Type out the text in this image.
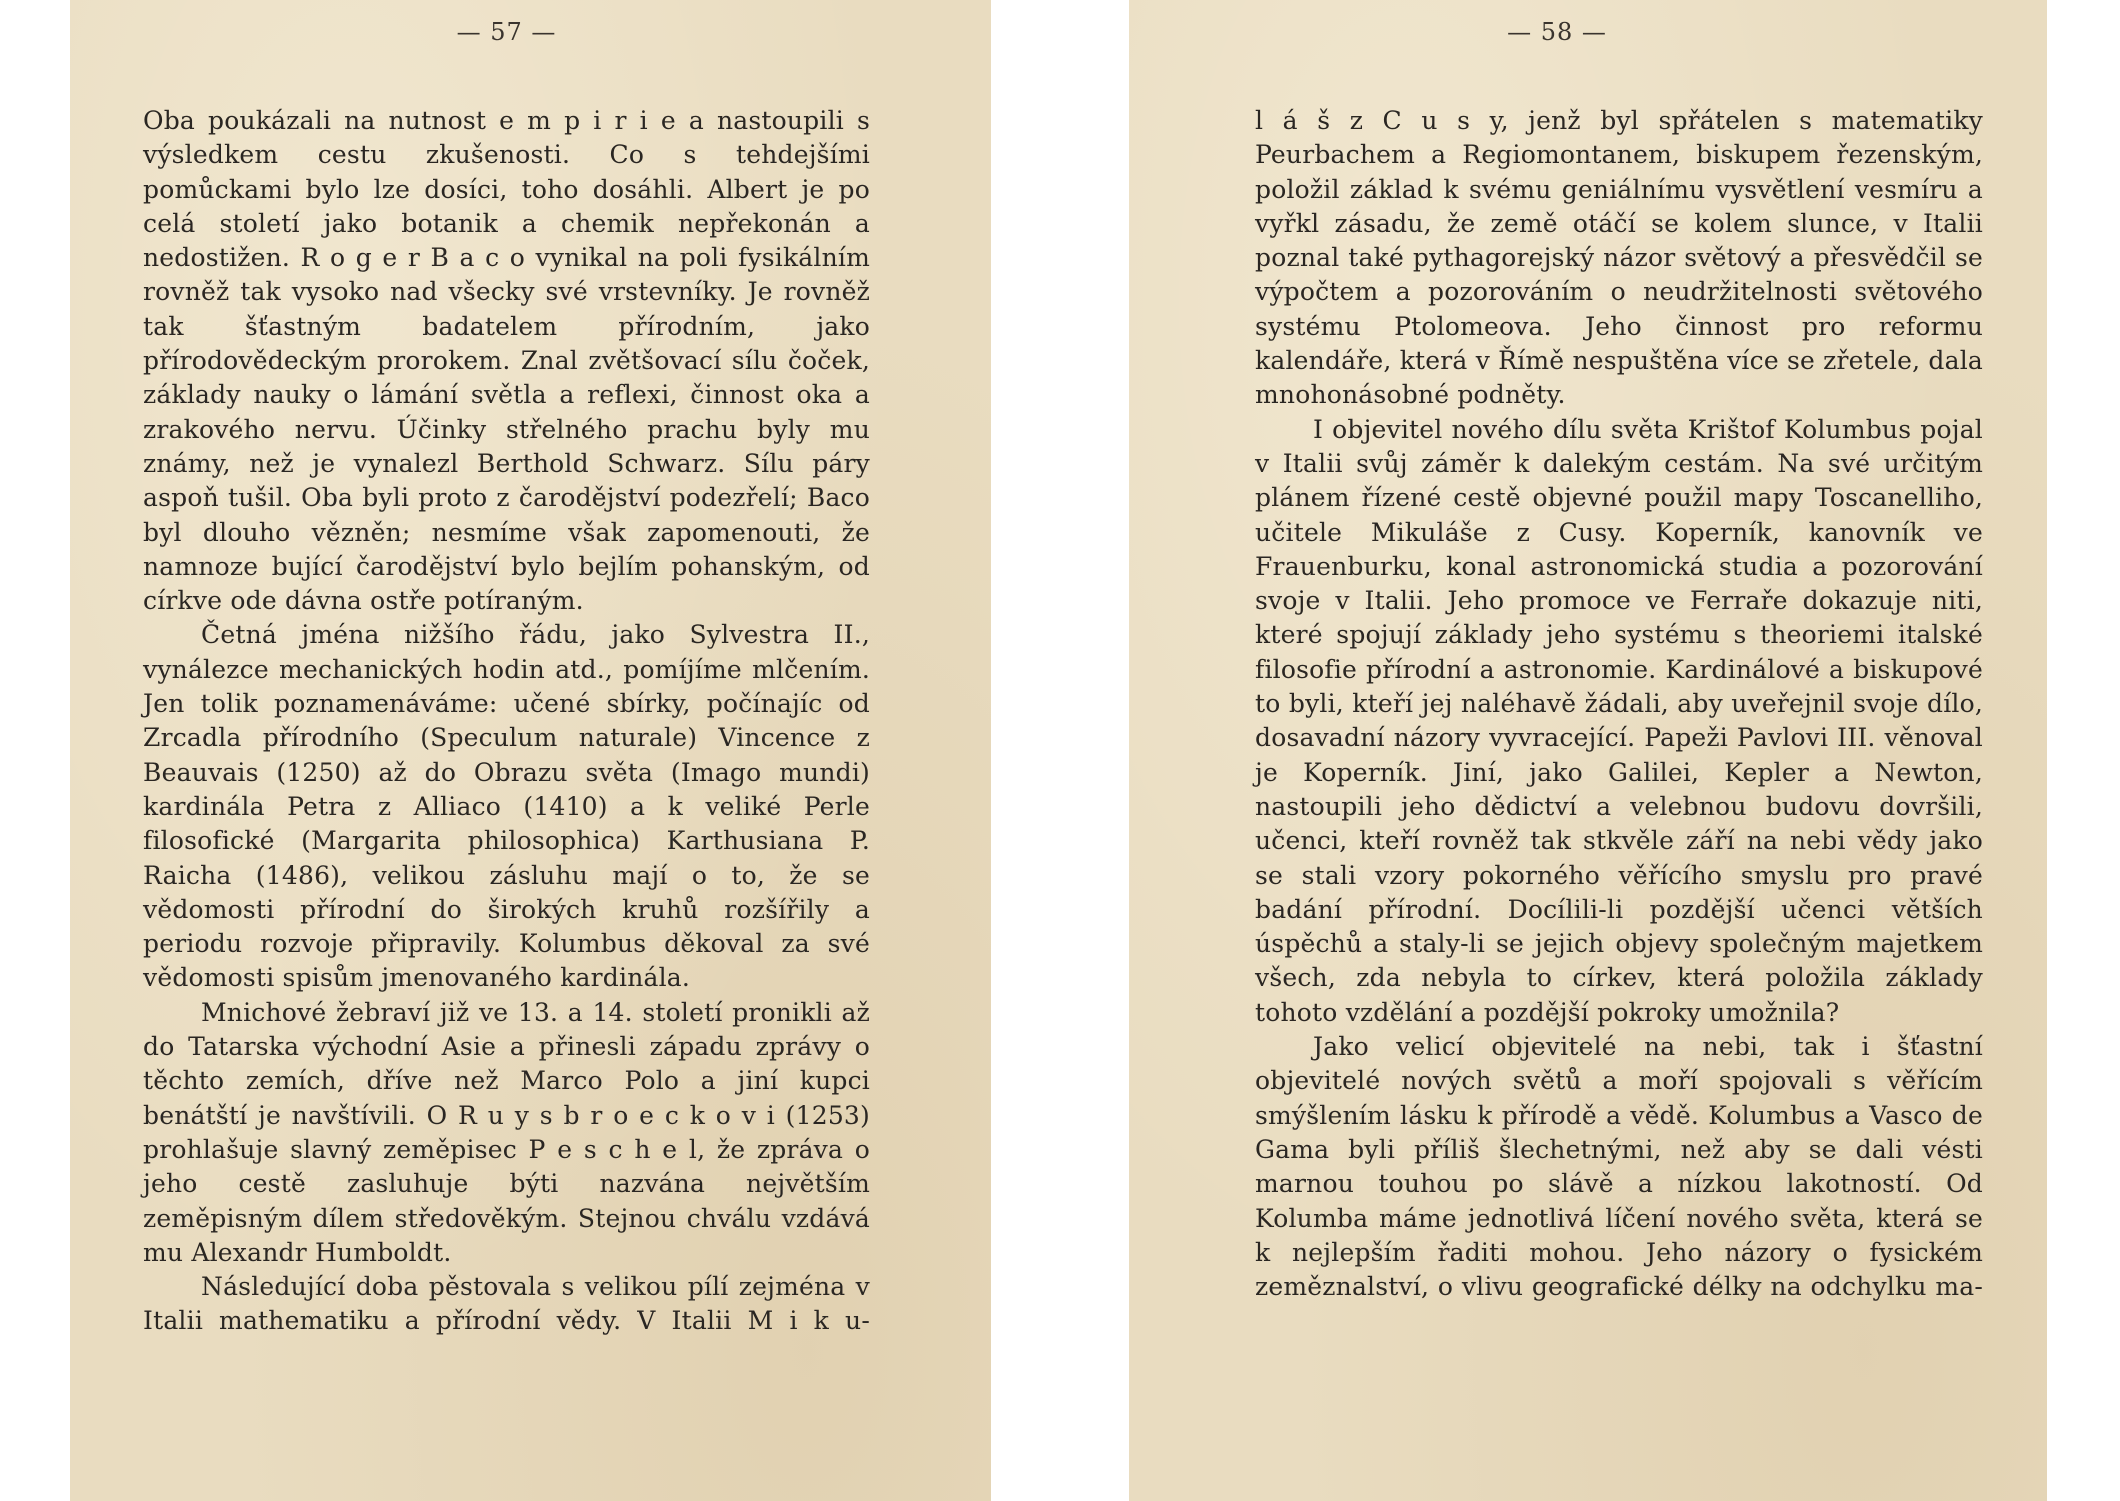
— 57 —

Oba poukázali na nutnost e m p i r i e a nastoupili s výsledkem cestu zkušenosti. Co s tehdejšími pomůckami bylo lze dosíci, toho dosáhli. Albert je po celá století jako botanik a chemik nepřekonán a nedostižen. R o g e r B a c o vynikal na poli fysikálním rovněž tak vysoko nad všecky své vrstevníky. Je rovněž tak šťastným badatelem přírodním, jako přírodovědeckým prorokem. Znal zvětšovací sílu čoček, základy nauky o lámání světla a reflexi, činnost oka a zrakového nervu. Účinky střelného prachu byly mu známy, než je vynalezl Berthold Schwarz. Sílu páry aspoň tušil. Oba byli proto z čarodějství podezřelí; Baco byl dlouho vězněn; nesmíme však zapomenouti, že namnoze bující čarodějství bylo bejlím pohanským, od církve ode dávna ostře potíraným.

Četná jména nižšího řádu, jako Sylvestra II., vynálezce mechanických hodin atd., pomíjíme mlčením. Jen tolik poznamenáváme: učené sbírky, počínajíc od Zrcadla přírodního (Speculum naturale) Vincence z Beauvais (1250) až do Obrazu světa (Imago mundi) kardinála Petra z Alliaco (1410) a k veliké Perle filosofické (Margarita philosophica) Karthusiana P. Raicha (1486), velikou zásluhu mají o to, že se vědomosti přírodní do širokých kruhů rozšířily a periodu rozvoje připravily. Kolumbus děkoval za své vědomosti spisům jmenovaného kardinála.

Mnichové žebraví již ve 13. a 14. století pronikli až do Tatarska východní Asie a přinesli západu zprávy o těchto zemích, dříve než Marco Polo a jiní kupci benátští je navštívili. O R u y s b r o e c k o v i (1253) prohlašuje slavný zeměpisec P e s c h e l, že zpráva o jeho cestě zasluhuje býti nazvána největším zeměpisným dílem středověkým. Stejnou chválu vzdává mu Alexandr Humboldt.

Následující doba pěstovala s velikou pílí zejména v Italii mathematiku a přírodní vědy. V Italii M i k u-

— 58 —

l á š z C u s y, jenž byl spřátelen s matematiky Peurbachem a Regiomontanem, biskupem řezenským, položil základ k svému geniálnímu vysvětlení vesmíru a vyřkl zásadu, že země otáčí se kolem slunce, v Italii poznal také pythagorejský názor světový a přesvědčil se výpočtem a pozorováním o neudržitelnosti světového systému Ptolomeova. Jeho činnost pro reformu kalendáře, která v Římě nespuštěna více se zřetele, dala mnohonásobné podněty.

I objevitel nového dílu světa Krištof Kolumbus pojal v Italii svůj záměr k dalekým cestám. Na své určitým plánem řízené cestě objevné použil mapy Toscanelliho, učitele Mikuláše z Cusy. Koperník, kanovník ve Frauenburku, konal astronomická studia a pozorování svoje v Italii. Jeho promoce ve Ferraře dokazuje niti, které spojují základy jeho systému s theoriemi italské filosofie přírodní a astronomie. Kardinálové a biskupové to byli, kteří jej naléhavě žádali, aby uveřejnil svoje dílo, dosavadní názory vyvracející. Papeži Pavlovi III. věnoval je Koperník. Jiní, jako Galilei, Kepler a Newton, nastoupili jeho dědictví a velebnou budovu dovršili, učenci, kteří rovněž tak stkvěle září na nebi vědy jako se stali vzory pokorného věřícího smyslu pro pravé badání přírodní. Docílili-li pozdější učenci větších úspěchů a staly-li se jejich objevy společným majetkem všech, zda nebyla to církev, která položila základy tohoto vzdělání a pozdější pokroky umožnila?

Jako velicí objevitelé na nebi, tak i šťastní objevitelé nových světů a moří spojovali s věřícím smýšlením lásku k přírodě a vědě. Kolumbus a Vasco de Gama byli příliš šlechetnými, než aby se dali vésti marnou touhou po slávě a nízkou lakotností. Od Kolumba máme jednotlivá líčení nového světa, která se k nejlepším řaditi mohou. Jeho názory o fysickém zeměznalství, o vlivu geografické délky na odchylku ma-
